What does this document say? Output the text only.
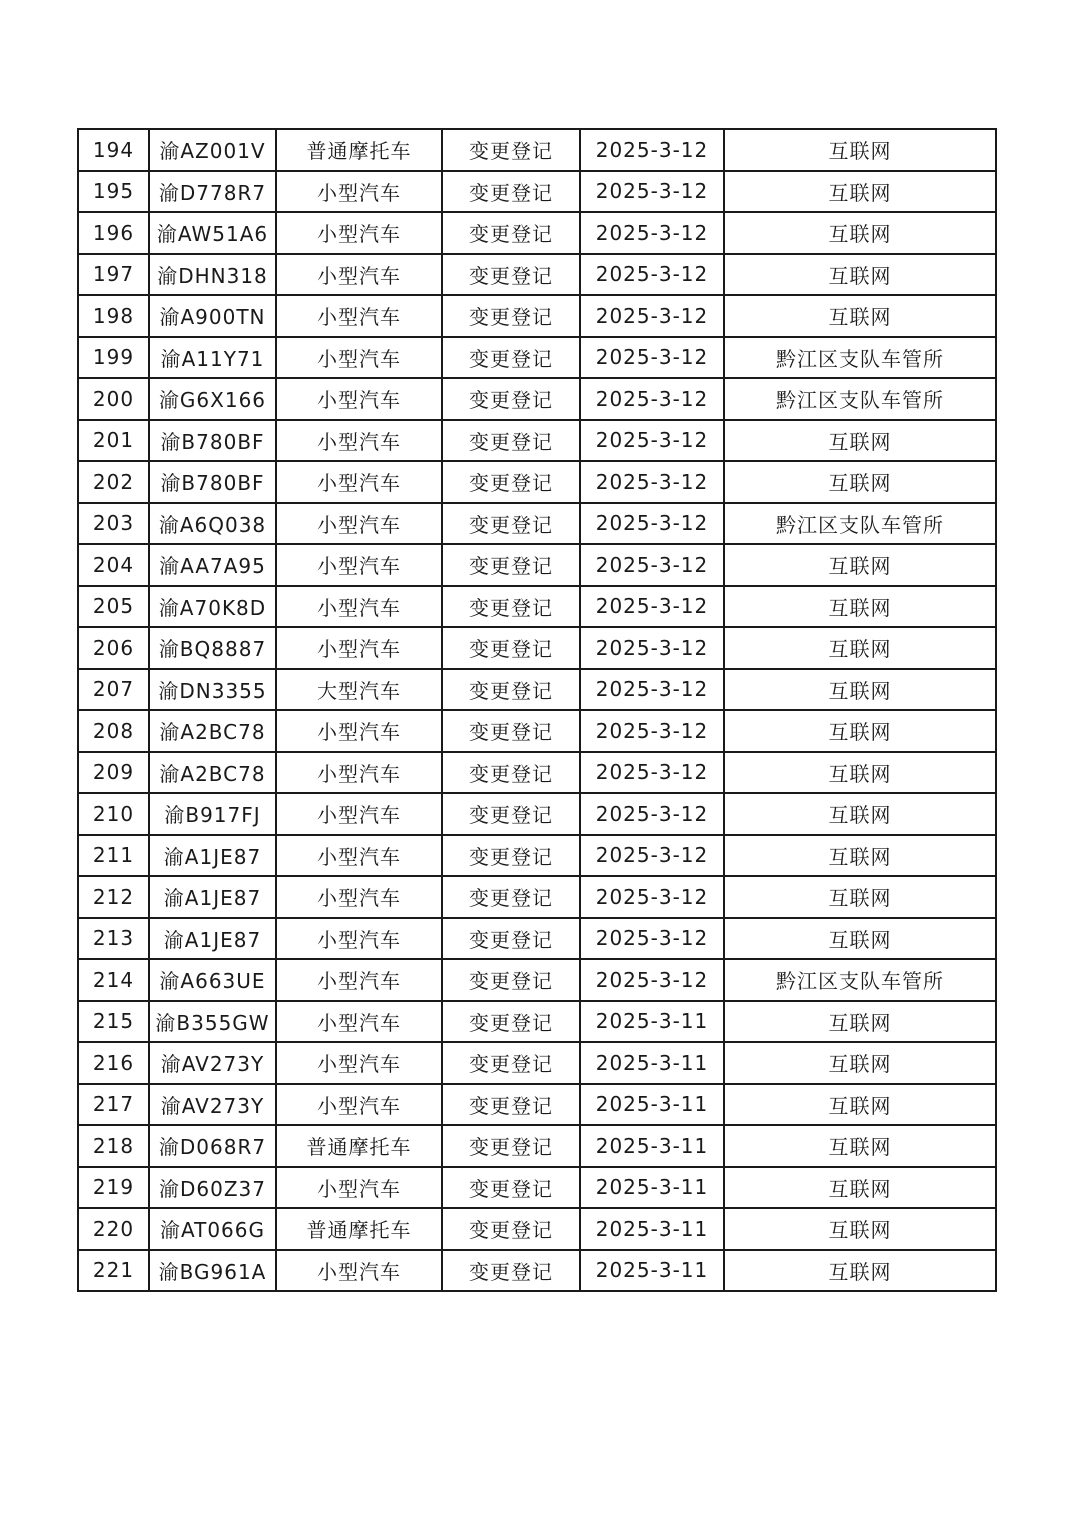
194	渝AZ001V	普通摩托车	变更登记	2025-3-12	互联网
195	渝D778R7	小型汽车	变更登记	2025-3-12	互联网
196	渝AW51A6	小型汽车	变更登记	2025-3-12	互联网
197	渝DHN318	小型汽车	变更登记	2025-3-12	互联网
198	渝A900TN	小型汽车	变更登记	2025-3-12	互联网
199	渝A11Y71	小型汽车	变更登记	2025-3-12	黔江区支队车管所
200	渝G6X166	小型汽车	变更登记	2025-3-12	黔江区支队车管所
201	渝B780BF	小型汽车	变更登记	2025-3-12	互联网
202	渝B780BF	小型汽车	变更登记	2025-3-12	互联网
203	渝A6Q038	小型汽车	变更登记	2025-3-12	黔江区支队车管所
204	渝AA7A95	小型汽车	变更登记	2025-3-12	互联网
205	渝A70K8D	小型汽车	变更登记	2025-3-12	互联网
206	渝BQ8887	小型汽车	变更登记	2025-3-12	互联网
207	渝DN3355	大型汽车	变更登记	2025-3-12	互联网
208	渝A2BC78	小型汽车	变更登记	2025-3-12	互联网
209	渝A2BC78	小型汽车	变更登记	2025-3-12	互联网
210	渝B917FJ	小型汽车	变更登记	2025-3-12	互联网
211	渝A1JE87	小型汽车	变更登记	2025-3-12	互联网
212	渝A1JE87	小型汽车	变更登记	2025-3-12	互联网
213	渝A1JE87	小型汽车	变更登记	2025-3-12	互联网
214	渝A663UE	小型汽车	变更登记	2025-3-12	黔江区支队车管所
215	渝B355GW	小型汽车	变更登记	2025-3-11	互联网
216	渝AV273Y	小型汽车	变更登记	2025-3-11	互联网
217	渝AV273Y	小型汽车	变更登记	2025-3-11	互联网
218	渝D068R7	普通摩托车	变更登记	2025-3-11	互联网
219	渝D60Z37	小型汽车	变更登记	2025-3-11	互联网
220	渝AT066G	普通摩托车	变更登记	2025-3-11	互联网
221	渝BG961A	小型汽车	变更登记	2025-3-11	互联网
